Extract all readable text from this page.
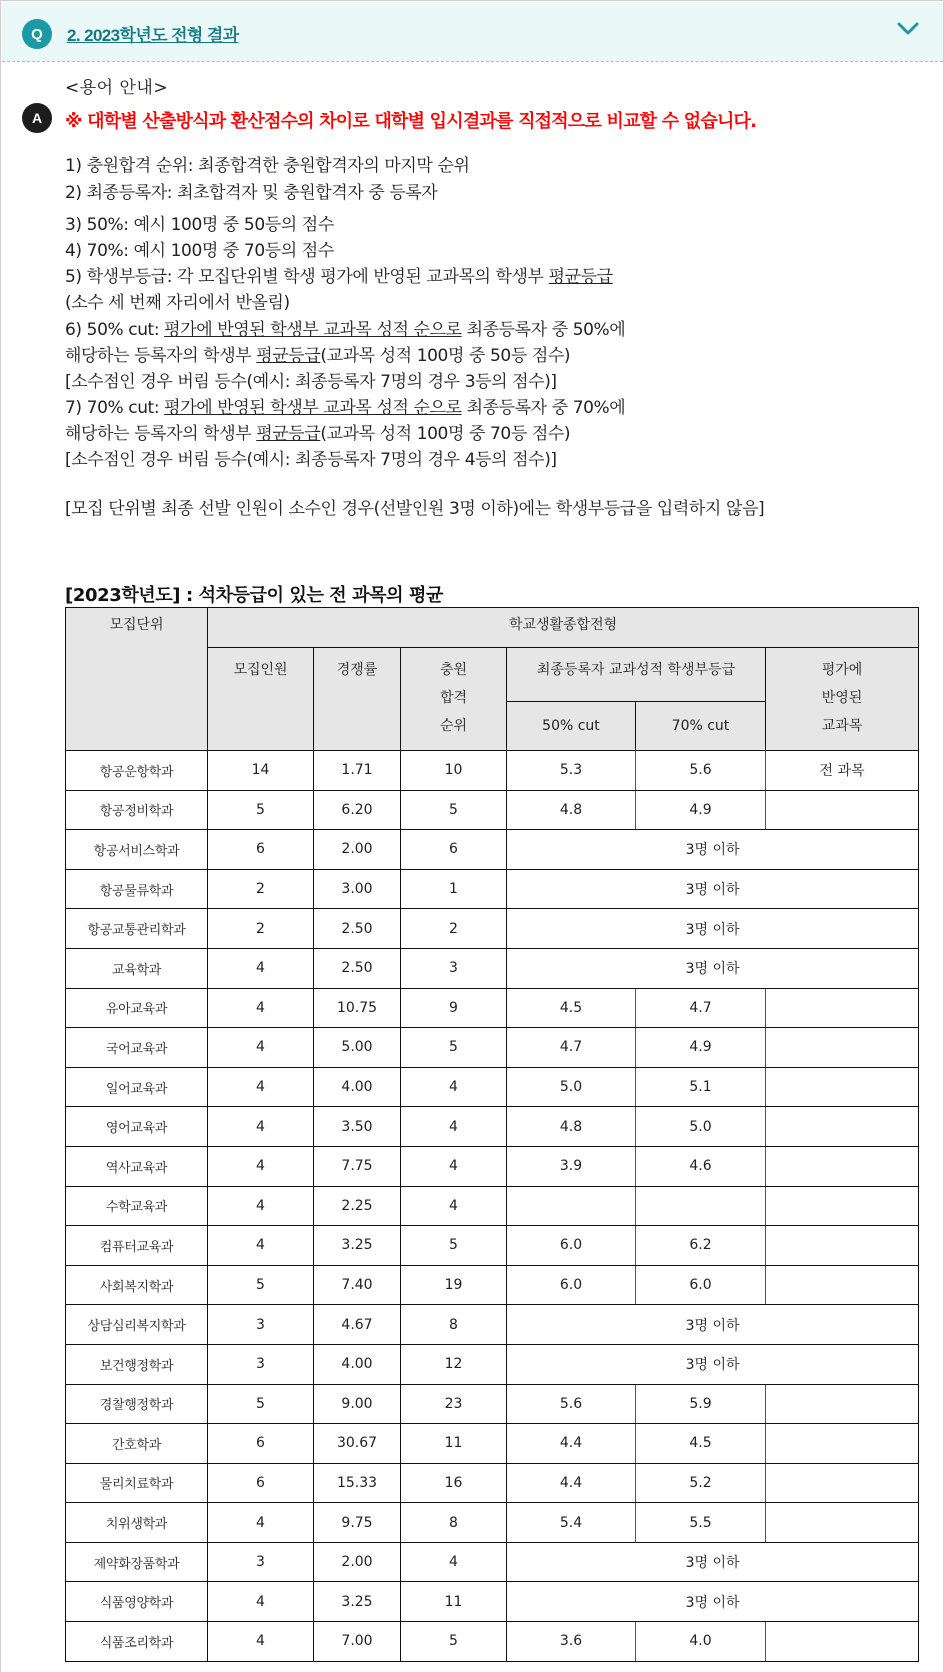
Q	2. 2023학년도 전형 결과
A
<용어 안내>
※ 대학별 산출방식과 환산점수의 차이로 대학별 입시결과를 직접적으로 비교할 수 없습니다.
1) 충원합격 순위: 최종합격한 충원합격자의 마지막 순위
2) 최종등록자: 최초합격자 및 충원합격자 중 등록자
3) 50%: 예시 100명 중 50등의 점수
4) 70%: 예시 100명 중 70등의 점수
5) 학생부등급: 각 모집단위별 학생 평가에 반영된 교과목의 학생부 평균등급
(소수 세 번째 자리에서 반올림)
6) 50% cut: 평가에 반영된 학생부 교과목 성적 순으로 최종등록자 중 50%에
해당하는 등록자의 학생부 평균등급(교과목 성적 100명 중 50등 점수)
[소수점인 경우 버림 등수(예시: 최종등록자 7명의 경우 3등의 점수)]
7) 70% cut: 평가에 반영된 학생부 교과목 성적 순으로 최종등록자 중 70%에
해당하는 등록자의 학생부 평균등급(교과목 성적 100명 중 70등 점수)
[소수점인 경우 버림 등수(예시: 최종등록자 7명의 경우 4등의 점수)]
[모집 단위별 최종 선발 인원이 소수인 경우(선발인원 3명 이하)에는 학생부등급을 입력하지 않음]
[2023학년도] : 석차등급이 있는 전 과목의 평균
모집단위	학교생활종합전형					
모집인원	경쟁률	충원
합격
순위
	최종등록자 교과성적 학생부등급	평가에
반영된
교과목

				50% cut	70% cut	
항공운항학과	14	1.71	10	5.3	5.6	전 과목
항공정비학과	5	6.20	5	4.8	4.9	
항공서비스학과	6	2.00	6	3명 이하		
항공물류학과	2	3.00	1	3명 이하		
항공교통관리학과	2	2.50	2	3명 이하		
교육학과	4	2.50	3	3명 이하		
유아교육과	4	10.75	9	4.5	4.7	
국어교육과	4	5.00	5	4.7	4.9	
일어교육과	4	4.00	4	5.0	5.1	
영어교육과	4	3.50	4	4.8	5.0	
역사교육과	4	7.75	4	3.9	4.6	
수학교육과	4	2.25	4			
컴퓨터교육과	4	3.25	5	6.0	6.2	
사회복지학과	5	7.40	19	6.0	6.0	
상담심리복지학과	3	4.67	8	3명 이하		
보건행정학과	3	4.00	12	3명 이하		
경찰행정학과	5	9.00	23	5.6	5.9	
간호학과	6	30.67	11	4.4	4.5	
물리치료학과	6	15.33	16	4.4	5.2	
치위생학과	4	9.75	8	5.4	5.5	
제약화장품학과	3	2.00	4	3명 이하		
식품영양학과	4	3.25	11	3명 이하		
식품조리학과	4	7.00	5	3.6	4.0	
